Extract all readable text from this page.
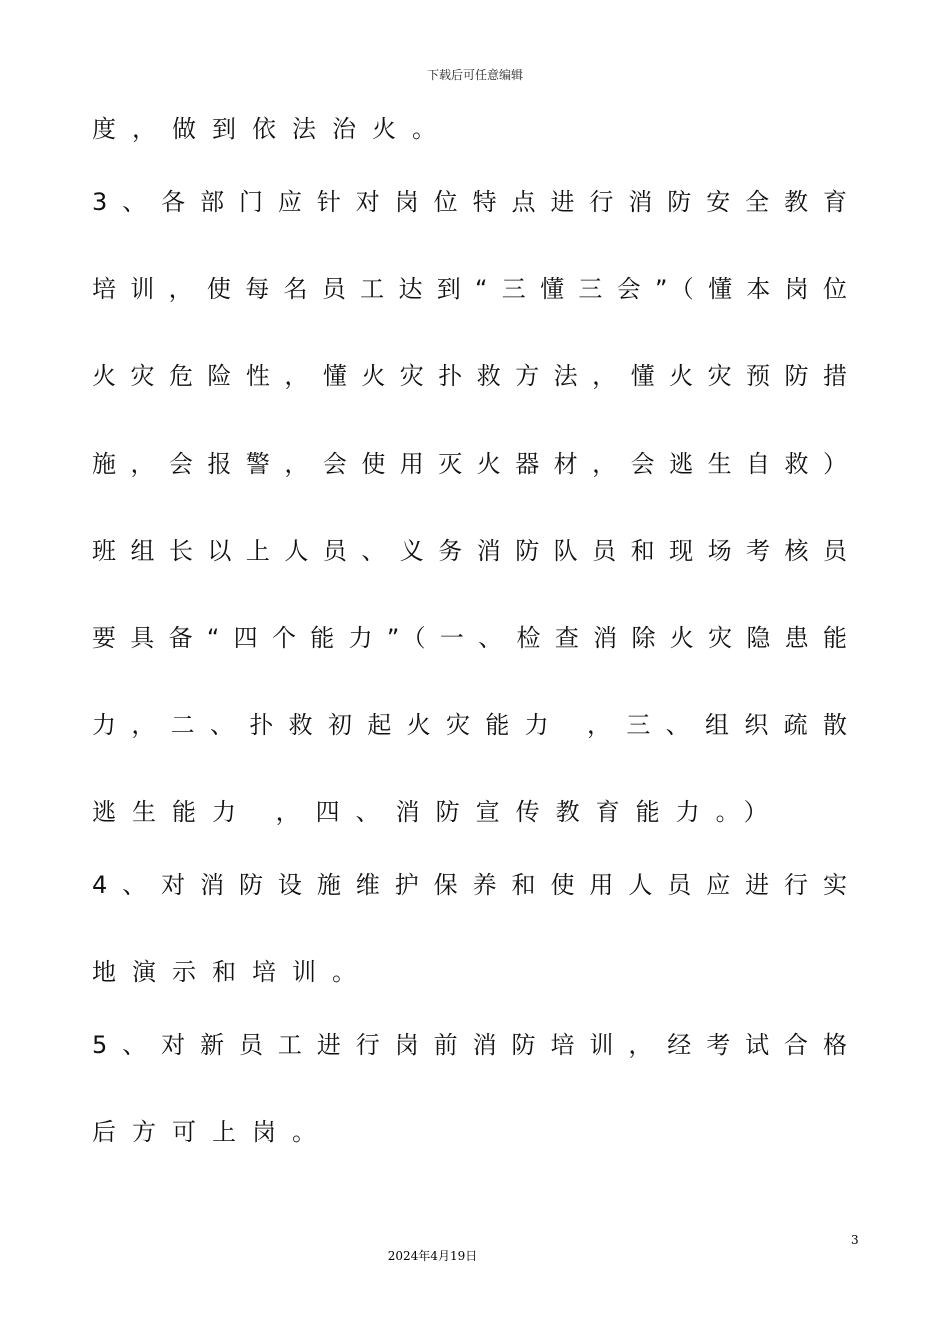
下载后可任意编辑
度，做到依法治火。
3、各部门应针对岗位特点进行消防安全教育
培训，使每名员工达到“三懂三会”（懂本岗位
火灾危险性，懂火灾扑救方法，懂火灾预防措
施，会报警，会使用灭火器材，会逃生自救）
班组长以上人员、义务消防队员和现场考核员
要具备“四个能力”（一、检查消除火灾隐患能
力，二、扑救初起火灾能力 ，三、组织疏散
逃生能力 ，四、消防宣传教育能力。）
4、对消防设施维护保养和使用人员应进行实
地演示和培训。
5、对新员工进行岗前消防培训，经考试合格
后方可上岗。
3
2024年4月19日
